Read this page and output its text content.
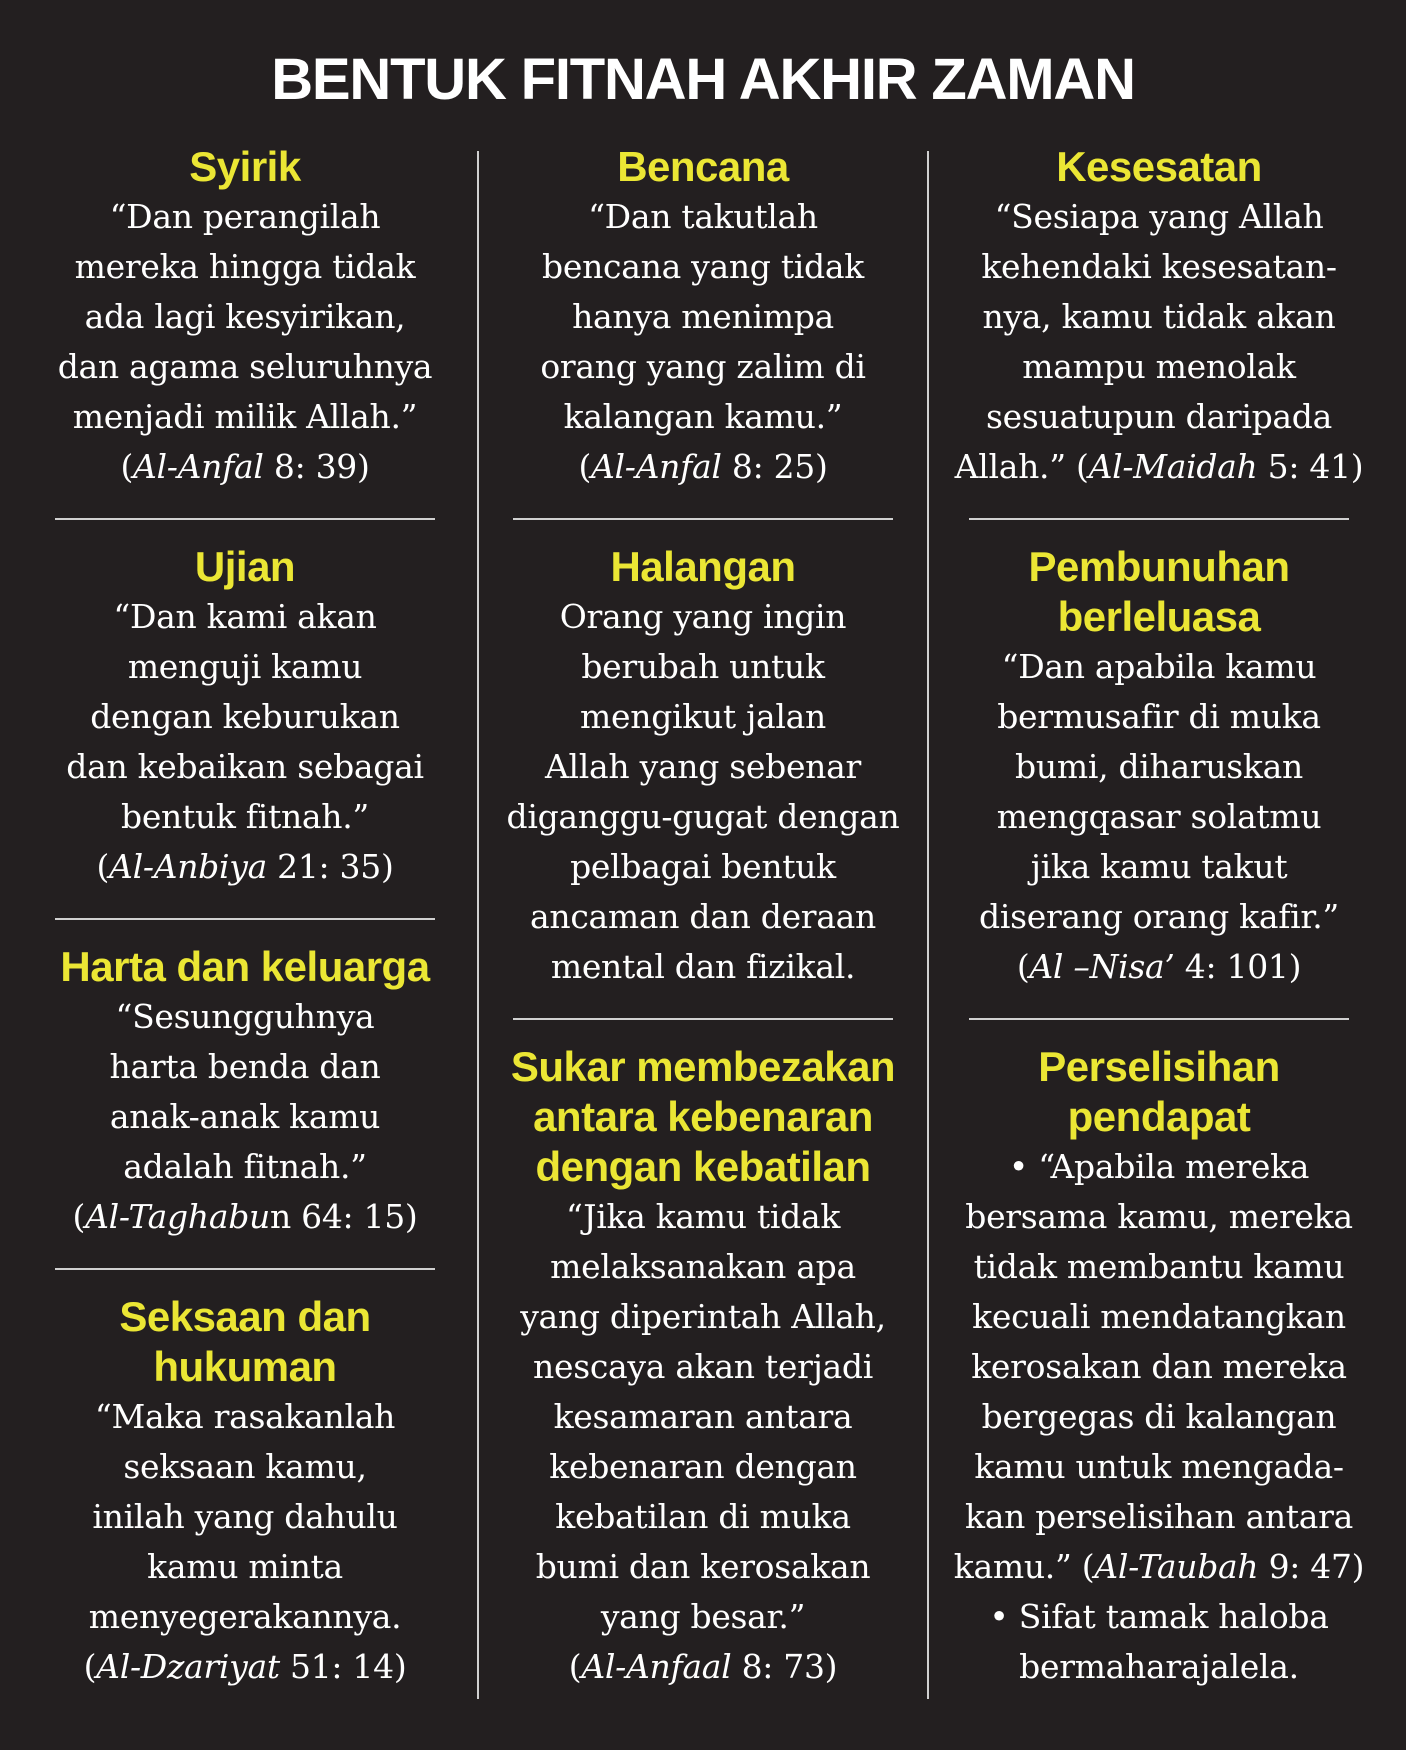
BENTUK FITNAH AKHIR ZAMAN
Syirik
“Dan perangilah
mereka hingga tidak
ada lagi kesyirikan,
dan agama seluruhnya
menjadi milik Allah.”
(Al-Anfal 8: 39)
Ujian
“Dan kami akan
menguji kamu
dengan keburukan
dan kebaikan sebagai
bentuk fitnah.”
(Al-Anbiya 21: 35)
Harta dan keluarga
“Sesungguhnya
harta benda dan
anak-anak kamu
adalah fitnah.”
(Al-Taghabun 64: 15)
Seksaan dan
hukuman
“Maka rasakanlah
seksaan kamu,
inilah yang dahulu
kamu minta
menyegerakannya.
(Al-Dzariyat 51: 14)
Bencana
“Dan takutlah
bencana yang tidak
hanya menimpa
orang yang zalim di
kalangan kamu.”
(Al-Anfal 8: 25)
Halangan
Orang yang ingin
berubah untuk
mengikut jalan
Allah yang sebenar
diganggu-gugat dengan
pelbagai bentuk
ancaman dan deraan
mental dan fizikal.
Sukar membezakan
antara kebenaran
dengan kebatilan
“Jika kamu tidak
melaksanakan apa
yang diperintah Allah,
nescaya akan terjadi
kesamaran antara
kebenaran dengan
kebatilan di muka
bumi dan kerosakan
yang besar.”
(Al-Anfaal 8: 73)
Kesesatan
“Sesiapa yang Allah
kehendaki kesesatan-
nya, kamu tidak akan
mampu menolak
sesuatupun daripada
Allah.” (Al-Maidah 5: 41)
Pembunuhan
berleluasa
“Dan apabila kamu
bermusafir di muka
bumi, diharuskan
mengqasar solatmu
jika kamu takut
diserang orang kafir.”
(Al –Nisa’ 4: 101)
Perselisihan
pendapat
• “Apabila mereka
bersama kamu, mereka
tidak membantu kamu
kecuali mendatangkan
kerosakan dan mereka
bergegas di kalangan
kamu untuk mengada-
kan perselisihan antara
kamu.” (Al-Taubah 9: 47)
• Sifat tamak haloba
bermaharajalela.
